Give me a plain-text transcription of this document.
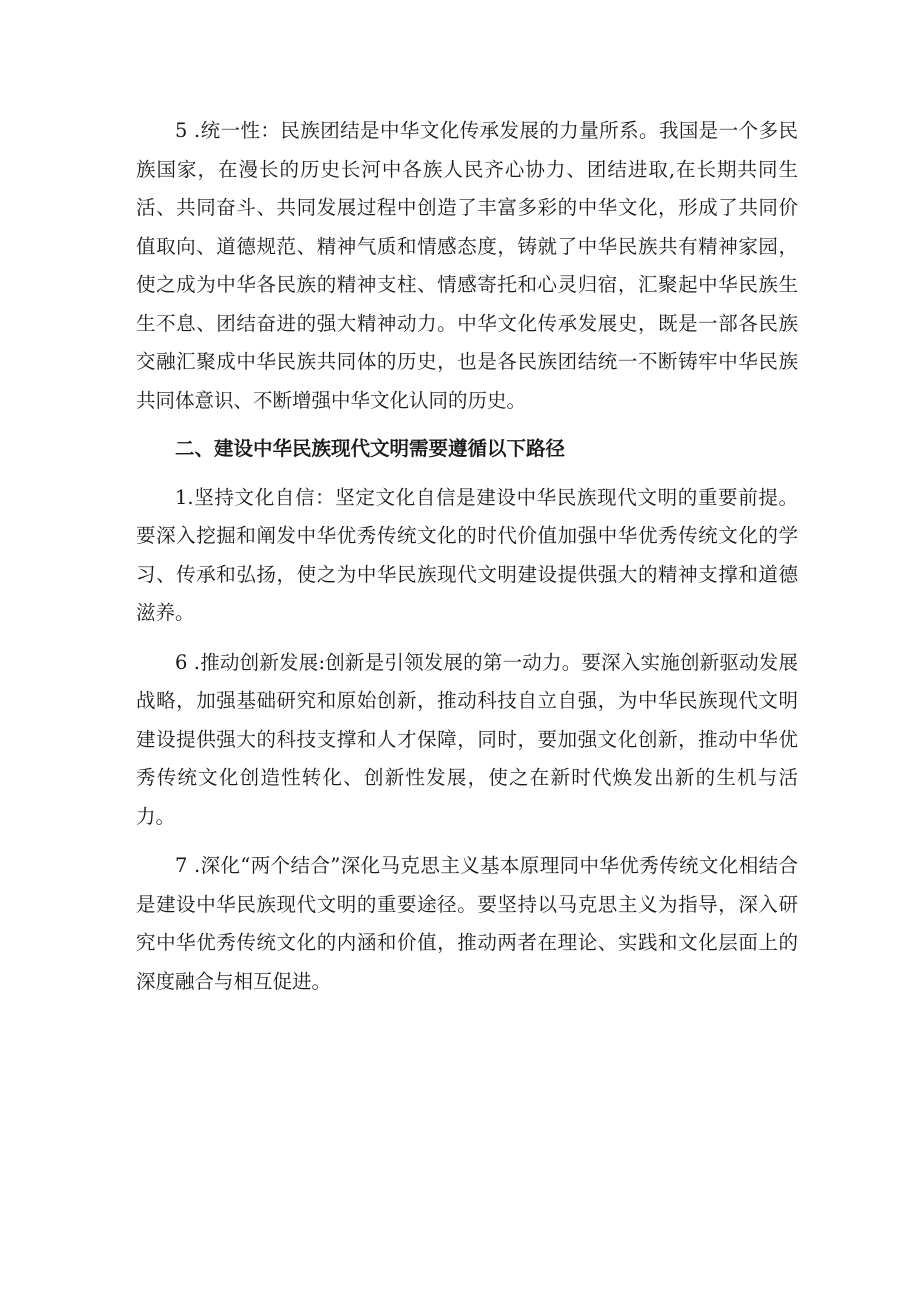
5 .统一性：民族团结是中华文化传承发展的力量所系。我国是一个多民族国家，在漫长的历史长河中各族人民齐心协力、团结进取,在长期共同生活、共同奋斗、共同发展过程中创造了丰富多彩的中华文化，形成了共同价值取向、道德规范、精神气质和情感态度，铸就了中华民族共有精神家园，使之成为中华各民族的精神支柱、情感寄托和心灵归宿，汇聚起中华民族生生不息、团结奋进的强大精神动力。中华文化传承发展史，既是一部各民族交融汇聚成中华民族共同体的历史，也是各民族团结统一不断铸牢中华民族共同体意识、不断增强中华文化认同的历史。

二、建设中华民族现代文明需要遵循以下路径

1.坚持文化自信：坚定文化自信是建设中华民族现代文明的重要前提。要深入挖掘和阐发中华优秀传统文化的时代价值加强中华优秀传统文化的学习、传承和弘扬，使之为中华民族现代文明建设提供强大的精神支撑和道德滋养。

6 .推动创新发展:创新是引领发展的第一动力。要深入实施创新驱动发展战略，加强基础研究和原始创新，推动科技自立自强，为中华民族现代文明建设提供强大的科技支撑和人才保障，同时，要加强文化创新，推动中华优秀传统文化创造性转化、创新性发展，使之在新时代焕发出新的生机与活力。

7 .深化“两个结合”深化马克思主义基本原理同中华优秀传统文化相结合是建设中华民族现代文明的重要途径。要坚持以马克思主义为指导，深入研究中华优秀传统文化的内涵和价值，推动两者在理论、实践和文化层面上的深度融合与相互促进。
